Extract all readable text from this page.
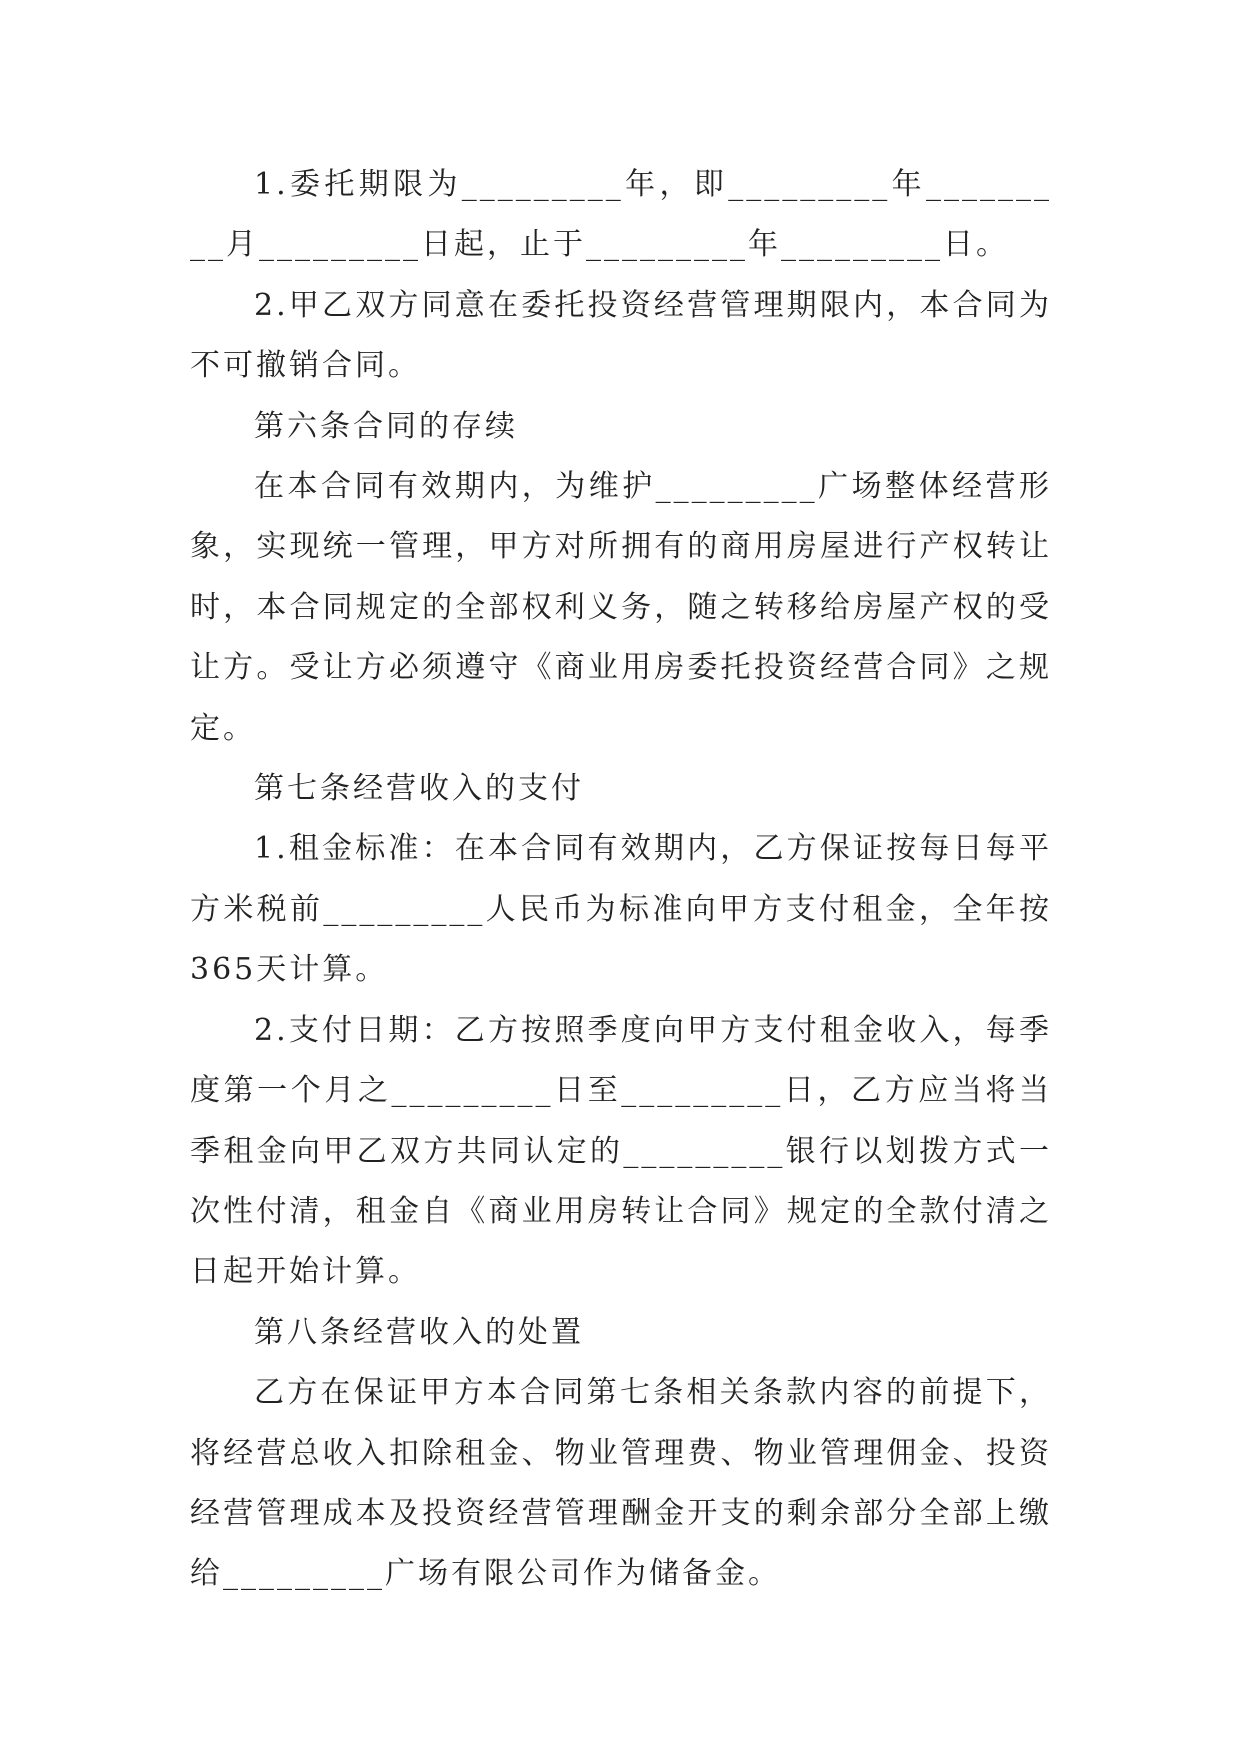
1.委托期限为_________年，即_________年_________月_________日起，止于_________年_________日。

2.甲乙双方同意在委托投资经营管理期限内，本合同为不可撤销合同。

第六条合同的存续

在本合同有效期内，为维护_________广场整体经营形象，实现统一管理，甲方对所拥有的商用房屋进行产权转让时，本合同规定的全部权利义务，随之转移给房屋产权的受让方。受让方必须遵守《商业用房委托投资经营合同》之规定。

第七条经营收入的支付

1.租金标准：在本合同有效期内，乙方保证按每日每平方米税前_________人民币为标准向甲方支付租金，全年按365天计算。

2.支付日期：乙方按照季度向甲方支付租金收入，每季度第一个月之_________日至_________日，乙方应当将当季租金向甲乙双方共同认定的_________银行以划拨方式一次性付清，租金自《商业用房转让合同》规定的全款付清之日起开始计算。

第八条经营收入的处置

乙方在保证甲方本合同第七条相关条款内容的前提下，将经营总收入扣除租金、物业管理费、物业管理佣金、投资经营管理成本及投资经营管理酬金开支的剩余部分全部上缴给_________广场有限公司作为储备金。
